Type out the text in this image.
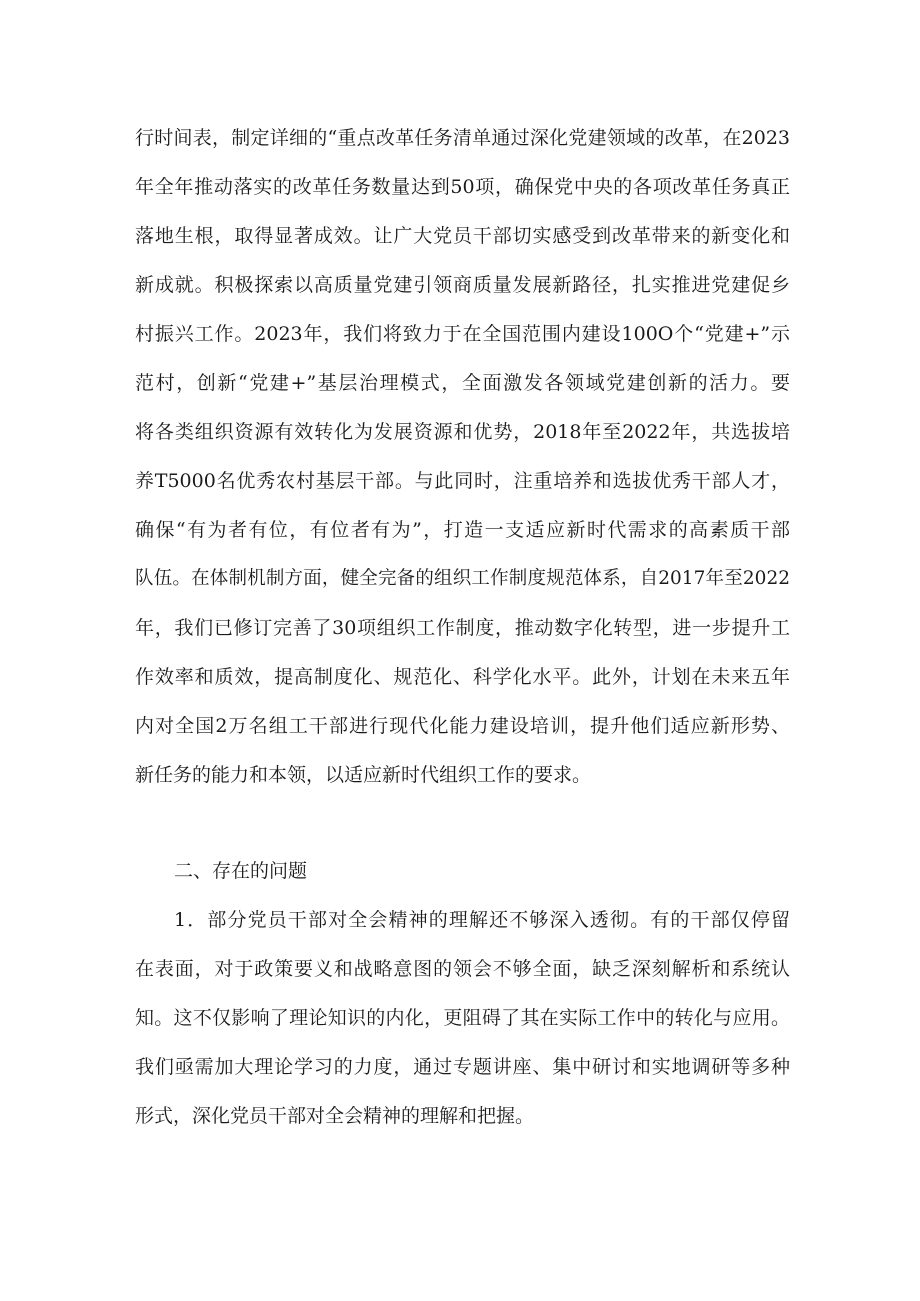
行时间表，制定详细的“重点改革任务清单通过深化党建领域的改革，在2023
年全年推动落实的改革任务数量达到50项，确保党中央的各项改革任务真正
落地生根，取得显著成效。让广大党员干部切实感受到改革带来的新变化和
新成就。积极探索以高质量党建引领商质量发展新路径，扎实推进党建促乡
村振兴工作。2023年，我们将致力于在全国范围内建设100O个“党建+”示
范村，创新“党建+”基层治理模式，全面激发各领域党建创新的活力。要
将各类组织资源有效转化为发展资源和优势，2018年至2022年，共选拔培
养T5000名优秀农村基层干部。与此同时，注重培养和选拔优秀干部人才，
确保“有为者有位，有位者有为”，打造一支适应新时代需求的高素质干部
队伍。在体制机制方面，健全完备的组织工作制度规范体系，自2017年至2022
年，我们已修订完善了30项组织工作制度，推动数字化转型，进一步提升工
作效率和质效，提高制度化、规范化、科学化水平。此外，计划在未来五年
内对全国2万名组工干部进行现代化能力建设培训，提升他们适应新形势、
新任务的能力和本领，以适应新时代组织工作的要求。
二、存在的问题
1．部分党员干部对全会精神的理解还不够深入透彻。有的干部仅停留
在表面，对于政策要义和战略意图的领会不够全面，缺乏深刻解析和系统认
知。这不仅影响了理论知识的内化，更阻碍了其在实际工作中的转化与应用。
我们亟需加大理论学习的力度，通过专题讲座、集中研讨和实地调研等多种
形式，深化党员干部对全会精神的理解和把握。
